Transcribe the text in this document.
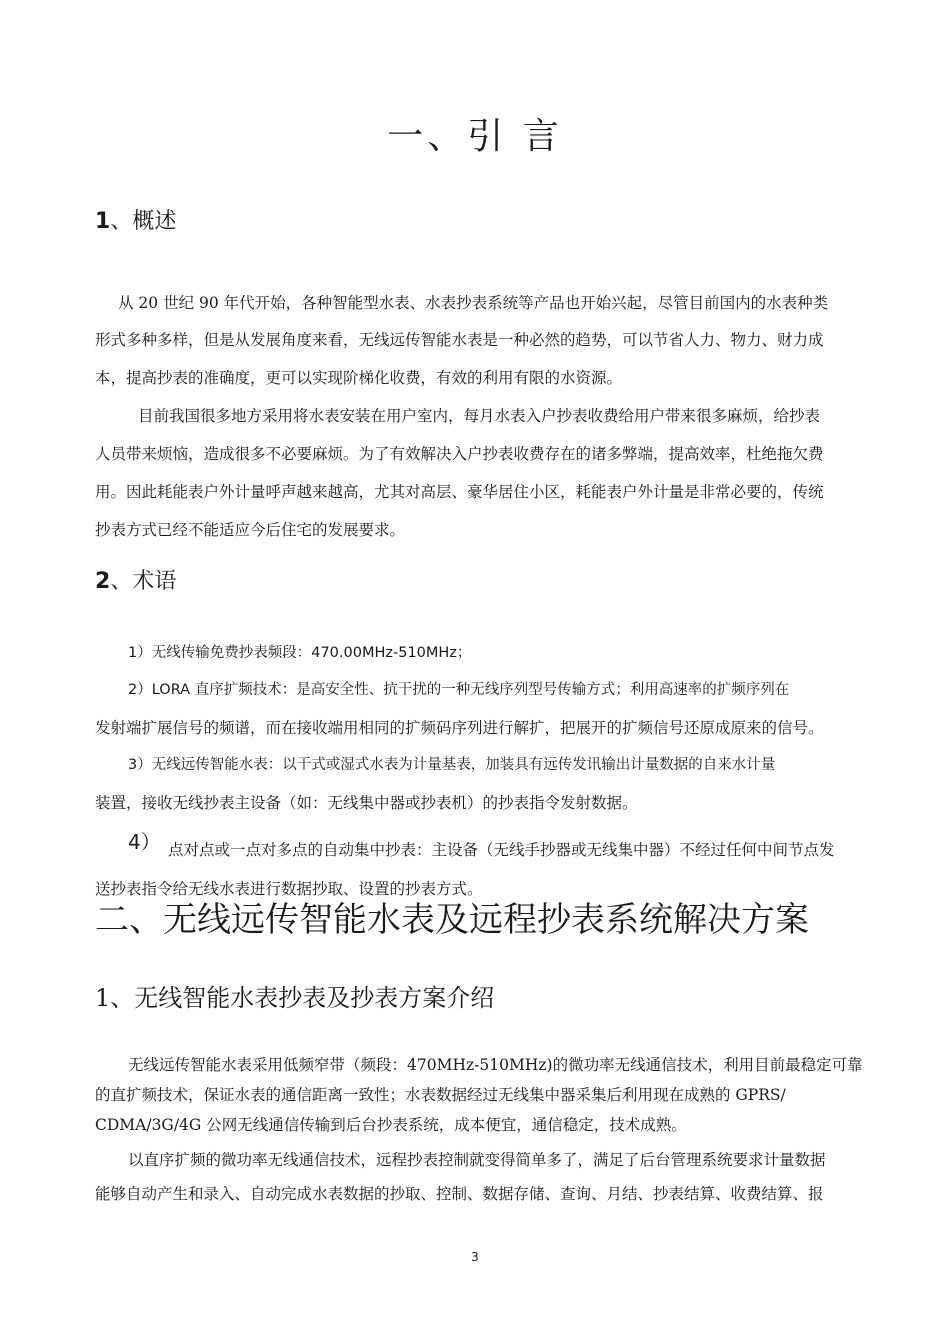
一、引 言
1、概述
从 20 世纪 90 年代开始，各种智能型水表、水表抄表系统等产品也开始兴起，尽管目前国内的水表种类
形式多种多样，但是从发展角度来看，无线远传智能水表是一种必然的趋势，可以节省人力、物力、财力成
本，提高抄表的准确度，更可以实现阶梯化收费，有效的利用有限的水资源。
目前我国很多地方采用将水表安装在用户室内，每月水表入户抄表收费给用户带来很多麻烦，给抄表
人员带来烦恼，造成很多不必要麻烦。为了有效解决入户抄表收费存在的诸多弊端，提高效率，杜绝拖欠费
用。因此耗能表户外计量呼声越来越高，尤其对高层、豪华居住小区，耗能表户外计量是非常必要的，传统
抄表方式已经不能适应今后住宅的发展要求。
2、术语
1）无线传输免费抄表频段：470.00MHz-510MHz；
2）LORA 直序扩频技术：是高安全性、抗干扰的一种无线序列型号传输方式；利用高速率的扩频序列在
发射端扩展信号的频谱，而在接收端用相同的扩频码序列进行解扩，把展开的扩频信号还原成原来的信号。
3）无线远传智能水表：以干式或湿式水表为计量基表，加装具有远传发讯输出计量数据的自来水计量
装置，接收无线抄表主设备（如：无线集中器或抄表机）的抄表指令发射数据。
4） 点对点或一点对多点的自动集中抄表：主设备（无线手抄器或无线集中器）不经过任何中间节点发
送抄表指令给无线水表进行数据抄取、设置的抄表方式。
二、无线远传智能水表及远程抄表系统解决方案
1、无线智能水表抄表及抄表方案介绍
无线远传智能水表采用低频窄带（频段：470MHz-510MHz)的微功率无线通信技术，利用目前最稳定可靠
的直扩频技术，保证水表的通信距离一致性；水表数据经过无线集中器采集后利用现在成熟的 GPRS/
CDMA/3G/4G 公网无线通信传输到后台抄表系统，成本便宜，通信稳定，技术成熟。
以直序扩频的微功率无线通信技术，远程抄表控制就变得简单多了，满足了后台管理系统要求计量数据
能够自动产生和录入、自动完成水表数据的抄取、控制、数据存储、查询、月结、抄表结算、收费结算、报
3
